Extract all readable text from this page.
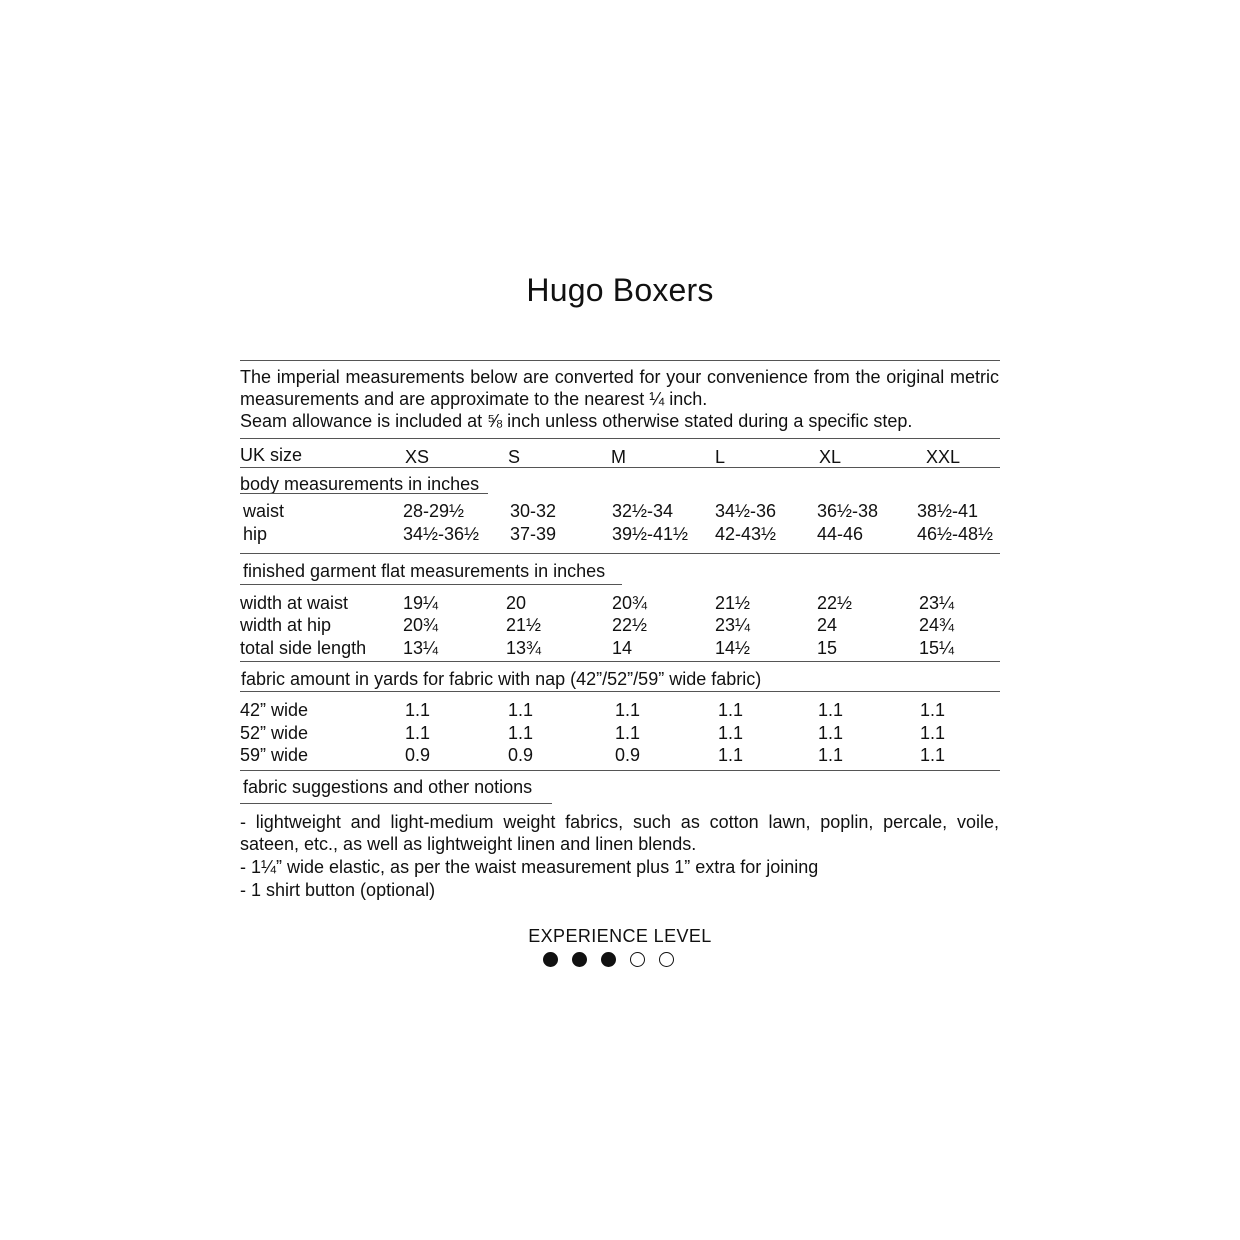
Hugo Boxers
The imperial measurements below are converted for your convenience from the original metric measurements and are approximate to the nearest ¼ inch.
Seam allowance is included at ⅝ inch unless otherwise stated during a specific step.
UK size	XS	S	M	L	XL	XXL
body measurements in inches
waist	28-29½	30-32	32½-34 34½-36 36½-38 38½-41
hip	34½-36½ 37-39	39½-41½ 42-43½ 44-46	46½-48½
finished garment flat measurements in inches
width at waist	19¼	20	20¾	21½	22½	23¼
width at hip	20¾	21½	22½	23¼	24	24¾
total side length 13¼	13¾	14	14½	15	15¼
fabric amount in yards for fabric with nap (42”/52”/59” wide fabric)
42” wide	1.1	1.1	1.1	1.1	1.1	1.1
52” wide	1.1	1.1	1.1	1.1	1.1	1.1
59” wide	0.9	0.9	0.9	1.1	1.1	1.1
fabric suggestions and other notions
- lightweight and light-medium weight fabrics, such as cotton lawn, poplin, percale, voile, sateen, etc., as well as lightweight linen and linen blends.
- 1¼” wide elastic, as per the waist measurement plus 1” extra for joining
- 1 shirt button (optional)
EXPERIENCE LEVEL
